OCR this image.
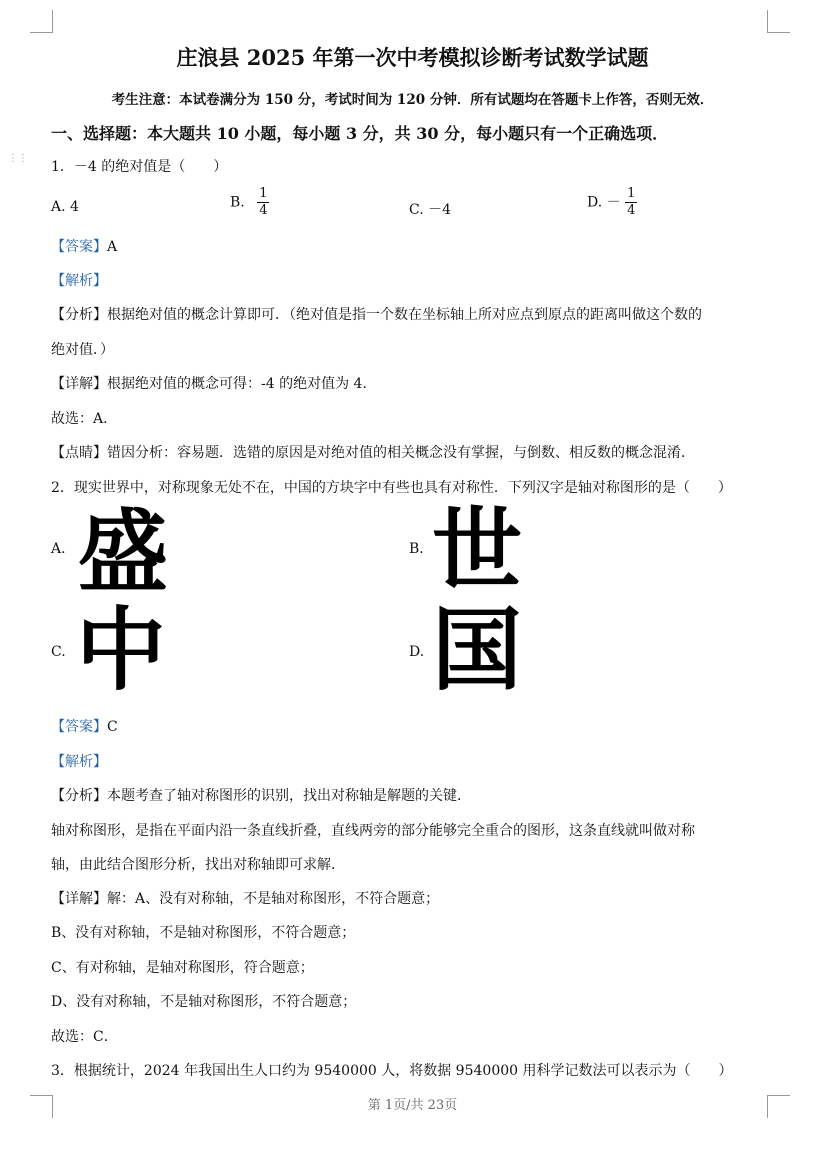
⋮⋮
庄浪县 2025 年第一次中考模拟诊断考试数学试题
考生注意：本试卷满分为 150 分，考试时间为 120 分钟．所有试题均在答题卡上作答，否则无效．
一、选择题：本大题共 10 小题，每小题 3 分，共 30 分，每小题只有一个正确选项．
1．－4 的绝对值是（　　）
A. 4	B. $\frac{1}{4}$	C. －4	D. － $\frac{1}{4}$
【答案】A
【解析】
【分析】根据绝对值的概念计算即可．（绝对值是指一个数在坐标轴上所对应点到原点的距离叫做这个数的
绝对值．）
【详解】根据绝对值的概念可得：-4 的绝对值为 4．
故选：A．
【点睛】错因分析：容易题．选错的原因是对绝对值的相关概念没有掌握，与倒数、相反数的概念混淆．
2．现实世界中，对称现象无处不在，中国的方块字中有些也具有对称性．下列汉字是轴对称图形的是（　　）
A. 盛	B. 世
C. 中	D. 国
【答案】C
【解析】
【分析】本题考查了轴对称图形的识别，找出对称轴是解题的关键．
轴对称图形，是指在平面内沿一条直线折叠，直线两旁的部分能够完全重合的图形，这条直线就叫做对称
轴，由此结合图形分析，找出对称轴即可求解．
【详解】解：A、没有对称轴，不是轴对称图形，不符合题意；
B、没有对称轴，不是轴对称图形，不符合题意；
C、有对称轴，是轴对称图形，符合题意；
D、没有对称轴，不是轴对称图形，不符合题意；
故选：C．
3．根据统计，2024 年我国出生人口约为 9540000 人，将数据 9540000 用科学记数法可以表示为（　　）
第 1页/共 23页
